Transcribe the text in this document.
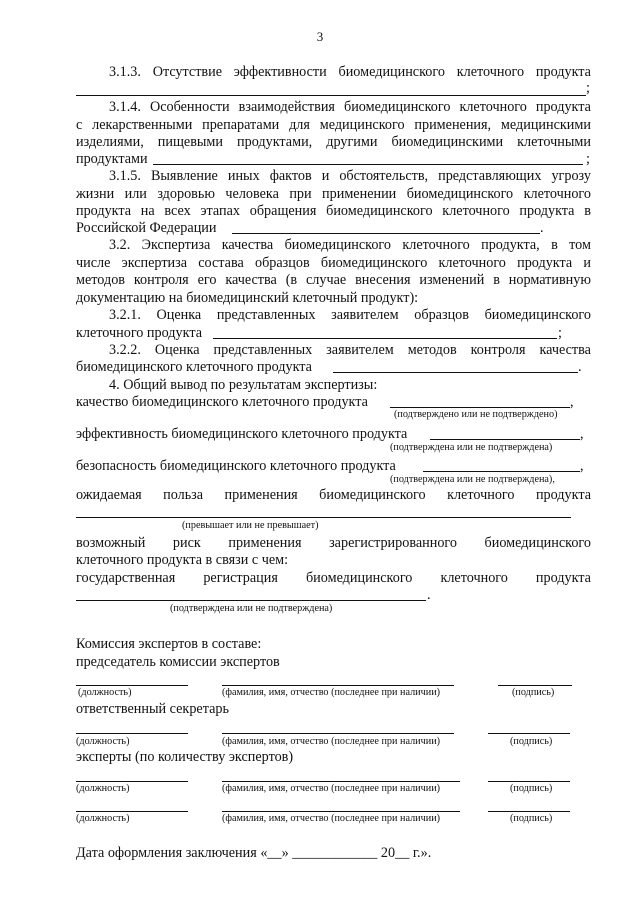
3
3.1.3. Отсутствие эффективности биомедицинского клеточного продукта
;
3.1.4. Особенности взаимодействия биомедицинского клеточного продукта
с лекарственными препаратами для медицинского применения, медицинскими
изделиями, пищевыми продуктами, другими биомедицинскими клеточными
продуктами	;
3.1.5. Выявление иных фактов и обстоятельств, представляющих угрозу
жизни или здоровью человека при применении биомедицинского клеточного
продукта на всех этапах обращения биомедицинского клеточного продукта в
Российской Федерации	.
3.2. Экспертиза качества биомедицинского клеточного продукта, в том
числе экспертиза состава образцов биомедицинского клеточного продукта и
методов контроля его качества (в случае внесения изменений в нормативную
документацию на биомедицинский клеточный продукт):
3.2.1. Оценка представленных заявителем образцов биомедицинского
клеточного продукта	;
3.2.2. Оценка представленных заявителем методов контроля качества
биомедицинского клеточного продукта	.
4. Общий вывод по результатам экспертизы:
качество биомедицинского клеточного продукта	,
(подтверждено или не подтверждено)
эффективность биомедицинского клеточного продукта	,
(подтверждена или не подтверждена)
безопасность биомедицинского клеточного продукта	,
(подтверждена или не подтверждена),
ожидаемая польза применения биомедицинского клеточного продукта
(превышает или не превышает)
возможный риск применения зарегистрированного биомедицинского
клеточного продукта в связи с чем:
государственная регистрация биомедицинского клеточного продукта
.
(подтверждена или не подтверждена)
Комиссия экспертов в составе:
председатель комиссии экспертов
(должность)	(фамилия, имя, отчество (последнее при наличии)	(подпись)
ответственный секретарь
(должность)	(фамилия, имя, отчество (последнее при наличии)	(подпись)
эксперты (по количеству экспертов)
(должность)	(фамилия, имя, отчество (последнее при наличии)	(подпись)
(должность)	(фамилия, имя, отчество (последнее при наличии)	(подпись)
Дата оформления заключения «__» ____________ 20__ г.».
